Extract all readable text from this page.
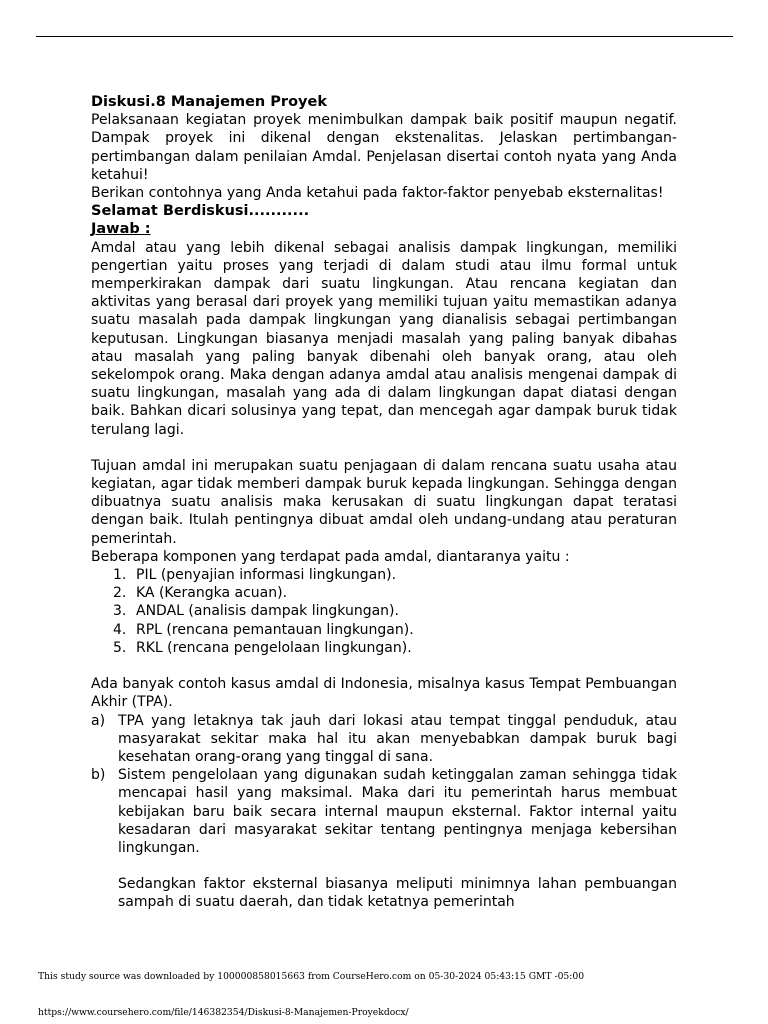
Diskusi.8 Manajemen Proyek

Pelaksanaan kegiatan proyek menimbulkan dampak baik positif maupun negatif. Dampak proyek ini dikenal dengan ekstenalitas. Jelaskan pertimbangan- pertimbangan dalam penilaian Amdal. Penjelasan disertai contoh nyata yang Anda ketahui!

Berikan contohnya yang Anda ketahui pada faktor-faktor penyebab eksternalitas!

Selamat Berdiskusi...........

Jawab :

Amdal atau yang lebih dikenal sebagai analisis dampak lingkungan, memiliki pengertian yaitu proses yang terjadi di dalam studi atau ilmu formal untuk memperkirakan dampak dari suatu lingkungan. Atau rencana kegiatan dan aktivitas yang berasal dari proyek yang memiliki tujuan yaitu memastikan adanya suatu masalah pada dampak lingkungan yang dianalisis sebagai pertimbangan keputusan. Lingkungan biasanya menjadi masalah yang paling banyak dibahas atau masalah yang paling banyak dibenahi oleh banyak orang, atau oleh sekelompok orang. Maka dengan adanya amdal atau analisis mengenai dampak di suatu lingkungan, masalah yang ada di dalam lingkungan dapat diatasi dengan baik. Bahkan dicari solusinya yang tepat, dan mencegah agar dampak buruk tidak terulang lagi.

Tujuan amdal ini merupakan suatu penjagaan di dalam rencana suatu usaha atau kegiatan, agar tidak memberi dampak buruk kepada lingkungan. Sehingga dengan dibuatnya suatu analisis maka kerusakan di suatu lingkungan dapat teratasi dengan baik. Itulah pentingnya dibuat amdal oleh undang-undang atau peraturan pemerintah.

Beberapa komponen yang terdapat pada amdal, diantaranya yaitu :

1. PIL (penyajian informasi lingkungan).
2. KA (Kerangka acuan).
3. ANDAL (analisis dampak lingkungan).
4. RPL (rencana pemantauan lingkungan).
5. RKL (rencana pengelolaan lingkungan).

Ada banyak contoh kasus amdal di Indonesia, misalnya kasus Tempat Pembuangan Akhir (TPA).

a) TPA yang letaknya tak jauh dari lokasi atau tempat tinggal penduduk, atau masyarakat sekitar maka hal itu akan menyebabkan dampak buruk bagi kesehatan orang-orang yang tinggal di sana.
b) Sistem pengelolaan yang digunakan sudah ketinggalan zaman sehingga tidak mencapai hasil yang maksimal. Maka dari itu pemerintah harus membuat kebijakan baru baik secara internal maupun eksternal. Faktor internal yaitu kesadaran dari masyarakat sekitar tentang pentingnya menjaga kebersihan lingkungan.

Sedangkan faktor eksternal biasanya meliputi minimnya lahan pembuangan sampah di suatu daerah, dan tidak ketatnya pemerintah

This study source was downloaded by 100000858015663 from CourseHero.com on 05-30-2024 05:43:15 GMT -05:00
https://www.coursehero.com/file/146382354/Diskusi-8-Manajemen-Proyekdocx/
